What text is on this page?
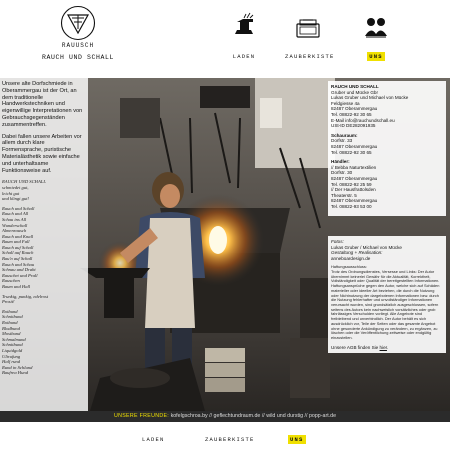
RAUUSCH
RAUCH UND SCHALL	LADEN	ZAUBERKISTE	UNS

Unsere alte Dorfschmiede in Oberammergau ist der Ort, an dem traditionelle Handwerkstechniken und eigenwillige Interpretationen von Gebrauchsgegenständen zusammentreffen.

Dabei fallen unsere Arbeiten vor allem durch klare Formensprache, puristische Materialästhetik sowie einfache und unterhaltsame Funktionsweise auf.

RAUCH UND SCHALL
schmiedet gut,
leicht gut
und klingt gut!
Rauch und Schall
Rauch und All
Schau ins All
Wunderschall
Almenrausch
Rauch und Knall
Baum und Fall
Rauch auf Schall
Schall auf Rauch
Bau'n auf Schall
Rauch und Schau
Schnau und Draht
Rauschet und Prall
Rauschen
Baum und Hall
Trunkig, punkig, edelrost
Prosit!
Rotbund
Schnitbund
Rotbund
Blodbund
Mostbund
Schmalmund
Schnitbund
Liquidgold
Ultrufung
Half rund
Rund in Schlund
Baufrea Hund
RAUCH UND SCHALL
Gruber und Mücke Gbr
Lukas Gruber und Michael von Mücke
Feldgiesse 4a
82487 Oberammergau
Tel. 08822-92 30 65
E-Mail info@rauchundschall.eu
USt-ID DE282091935
Schauraum:
Dorfstr. 33
82487 Oberammergau
Tel. 08822-92 30 65
Händler:
// Bebba Naturtextilien
Dorfstr. 30
82487 Oberammergau
Tel. 08822-92 25 59
// Der Hausfrattolsden
Theaterstr. 5
82487 Oberammergau
Tel. 08822-93 53 00
Fotos:
Lukas Gruber / Michael von Mücke
Gestaltung + Realisation:
anneboardesign.de
Haftungsausschluss:
Trotz des Ordnungsdienstes, Versesse und Links: Der Autor übernimmt keinerlei Gewähr für die Aktualität, Korrektheit, Vollständigkeit oder Qualität der bereitgestellten Informationen. Haftungsansprüche gegen den Autor, welche sich auf Schäden materieller oder ideeller Art beziehen, die durch die Nutzung oder Nichtnutzung der dargebotenen Informationen bzw. durch die Nutzung fehlerhafter und unvollständiger Informationen verursacht wurden, sind grundsätzlich ausgeschlossen, sofern seitens des Autors kein nachweislich vorsätzliches oder grob fahrlässiges Verschulden vorliegt. Alle Angebote sind freibleibend und unverbindlich. Der Autor behält es sich ausdrücklich vor, Teile der Seiten oder das gesamte Angebot ohne gesonderte Ankündigung zu verändern, zu ergänzen, zu löschen oder die Veröffentlichung zeitweise oder endgültig einzustellen.
Unsere AGB finden Sie hier.
UNSERE FREUNDE: kofelgschroa.by // geflechtundraum.de // wild und durstig // popp-art.de
LADEN	ZAUBERKISTE	UNS
